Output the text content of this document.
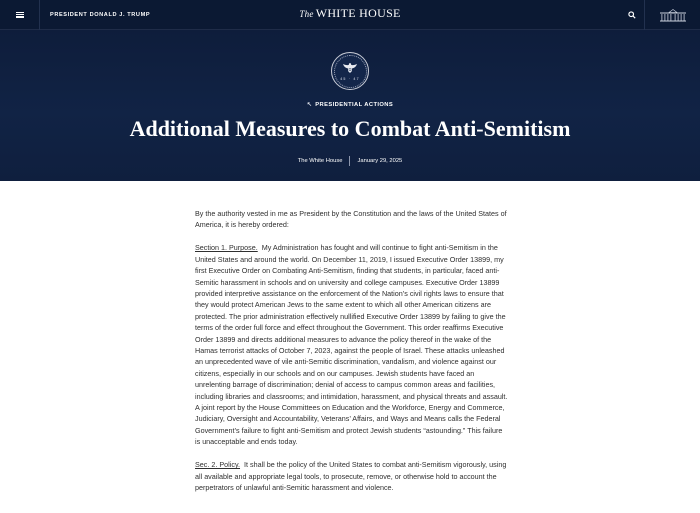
PRESIDENT DONALD J. TRUMP	The WHITE HOUSE
45 · 47
↖ PRESIDENTIAL ACTIONS
Additional Measures to Combat Anti-Semitism
The White House	January 29, 2025

By the authority vested in me as President by the Constitution and the laws of the United States of America, it is hereby ordered:

Section 1. Purpose. My Administration has fought and will continue to fight anti-Semitism in the United States and around the world. On December 11, 2019, I issued Executive Order 13899, my first Executive Order on Combating Anti-Semitism, finding that students, in particular, faced anti-Semitic harassment in schools and on university and college campuses. Executive Order 13899 provided interpretive assistance on the enforcement of the Nation’s civil rights laws to ensure that they would protect American Jews to the same extent to which all other American citizens are protected. The prior administration effectively nullified Executive Order 13899 by failing to give the terms of the order full force and effect throughout the Government. This order reaffirms Executive Order 13899 and directs additional measures to advance the policy thereof in the wake of the Hamas terrorist attacks of October 7, 2023, against the people of Israel. These attacks unleashed an unprecedented wave of vile anti-Semitic discrimination, vandalism, and violence against our citizens, especially in our schools and on our campuses. Jewish students have faced an unrelenting barrage of discrimination; denial of access to campus common areas and facilities, including libraries and classrooms; and intimidation, harassment, and physical threats and assault. A joint report by the House Committees on Education and the Workforce, Energy and Commerce, Judiciary, Oversight and Accountability, Veterans’ Affairs, and Ways and Means calls the Federal Government’s failure to fight anti-Semitism and protect Jewish students “astounding.” This failure is unacceptable and ends today.

Sec. 2. Policy. It shall be the policy of the United States to combat anti-Semitism vigorously, using all available and appropriate legal tools, to prosecute, remove, or otherwise hold to account the perpetrators of unlawful anti-Semitic harassment and violence.
